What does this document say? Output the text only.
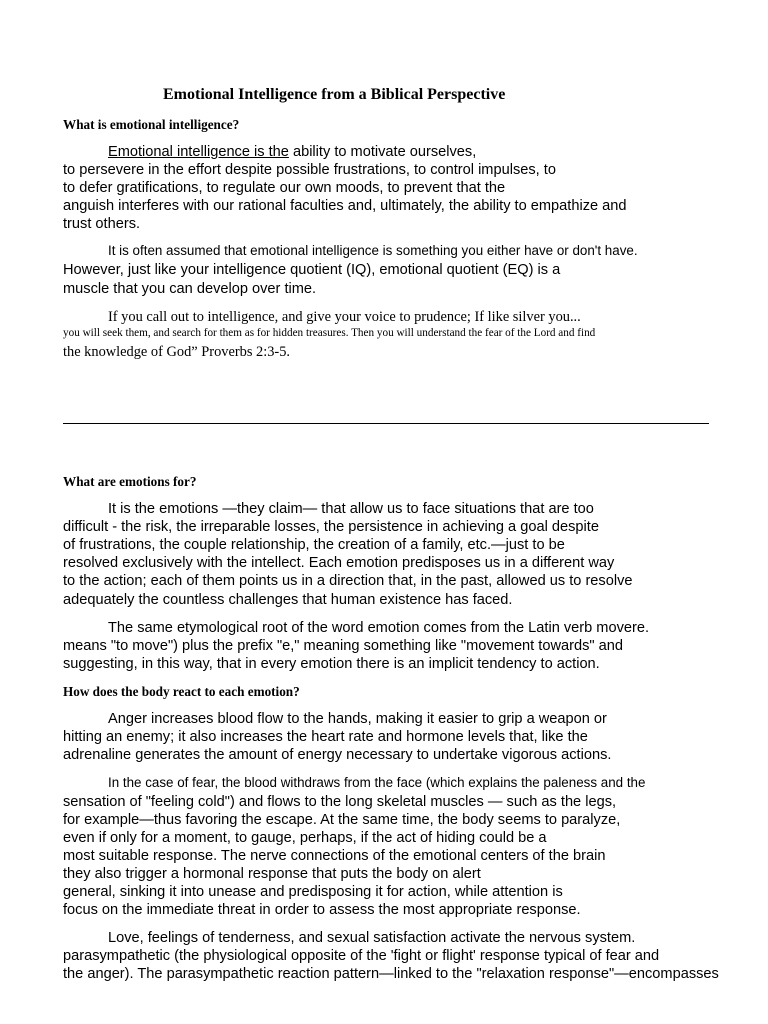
Emotional Intelligence from a Biblical Perspective
What is emotional intelligence?
Emotional intelligence is the ability to motivate ourselves,
to persevere in the effort despite possible frustrations, to control impulses, to
to defer gratifications, to regulate our own moods, to prevent that the
anguish interferes with our rational faculties and, ultimately, the ability to empathize and
trust others.
It is often assumed that emotional intelligence is something you either have or don't have.
However, just like your intelligence quotient (IQ), emotional quotient (EQ) is a
muscle that you can develop over time.
If you call out to intelligence, and give your voice to prudence; If like silver you...
you will seek them, and search for them as for hidden treasures. Then you will understand the fear of the Lord and find
the knowledge of God” Proverbs 2:3-5.
What are emotions for?
It is the emotions —they claim— that allow us to face situations that are too
difficult - the risk, the irreparable losses, the persistence in achieving a goal despite
of frustrations, the couple relationship, the creation of a family, etc.—just to be
resolved exclusively with the intellect. Each emotion predisposes us in a different way
to the action; each of them points us in a direction that, in the past, allowed us to resolve
adequately the countless challenges that human existence has faced.
The same etymological root of the word emotion comes from the Latin verb movere.
means "to move") plus the prefix "e," meaning something like "movement towards" and
suggesting, in this way, that in every emotion there is an implicit tendency to action.
How does the body react to each emotion?
Anger increases blood flow to the hands, making it easier to grip a weapon or
hitting an enemy; it also increases the heart rate and hormone levels that, like the
adrenaline generates the amount of energy necessary to undertake vigorous actions.
In the case of fear, the blood withdraws from the face (which explains the paleness and the
sensation of "feeling cold") and flows to the long skeletal muscles — such as the legs,
for example—thus favoring the escape. At the same time, the body seems to paralyze,
even if only for a moment, to gauge, perhaps, if the act of hiding could be a
most suitable response. The nerve connections of the emotional centers of the brain
they also trigger a hormonal response that puts the body on alert
general, sinking it into unease and predisposing it for action, while attention is
focus on the immediate threat in order to assess the most appropriate response.
Love, feelings of tenderness, and sexual satisfaction activate the nervous system.
parasympathetic (the physiological opposite of the 'fight or flight' response typical of fear and
the anger). The parasympathetic reaction pattern—linked to the "relaxation response"—encompasses
